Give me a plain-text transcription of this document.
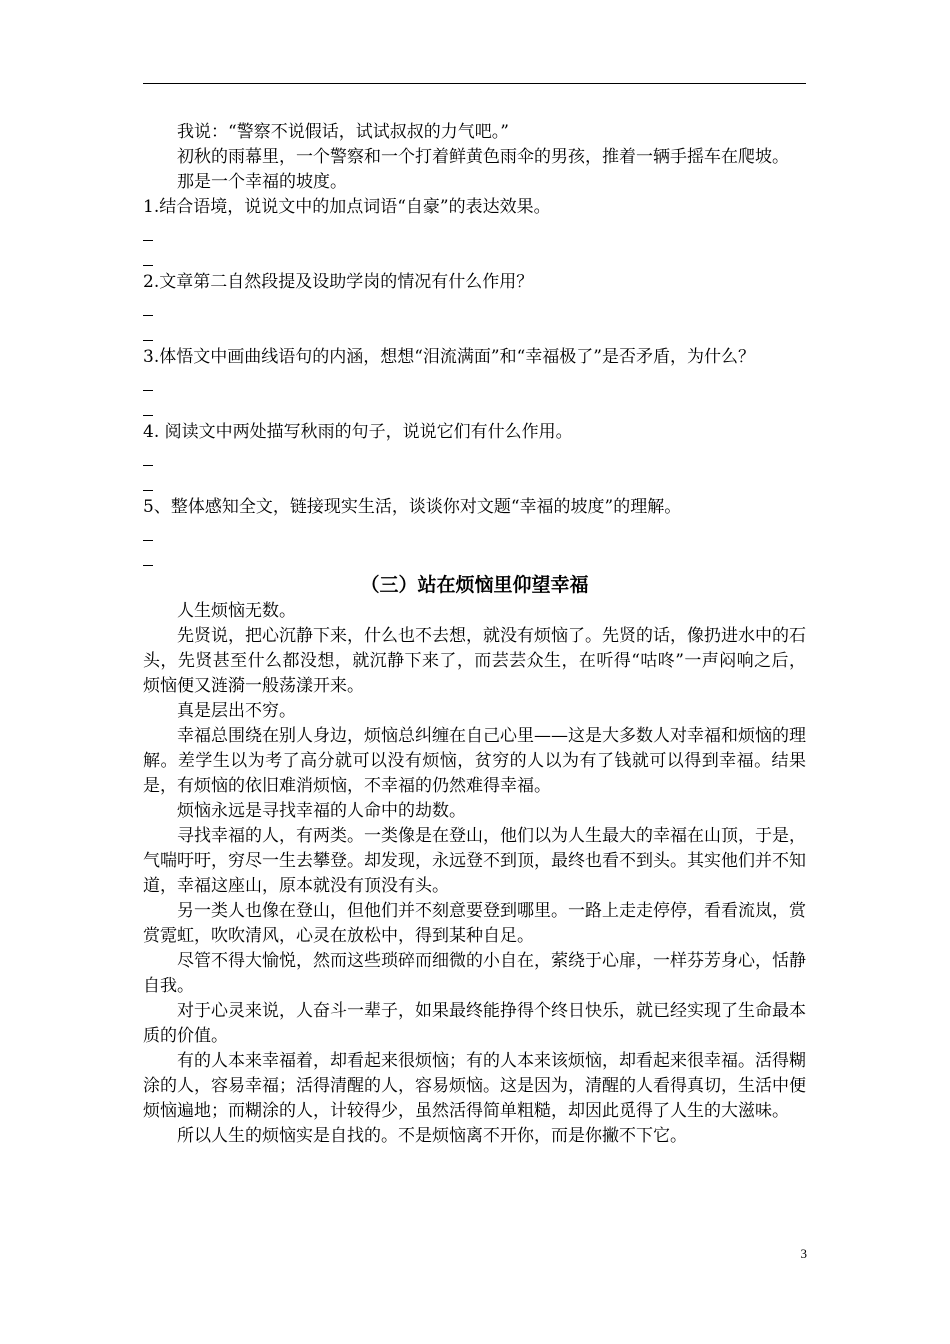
我说：“警察不说假话，试试叔叔的力气吧。”

初秋的雨幕里，一个警察和一个打着鲜黄色雨伞的男孩，推着一辆手摇车在爬坡。

那是一个幸福的坡度。

1.结合语境，说说文中的加点词语“自豪”的表达效果。

2.文章第二自然段提及设助学岗的情况有什么作用？

3.体悟文中画曲线语句的内涵，想想“泪流满面”和“幸福极了”是否矛盾，为什么？

4. 阅读文中两处描写秋雨的句子，说说它们有什么作用。

5、整体感知全文，链接现实生活，谈谈你对文题“幸福的坡度”的理解。

（三）站在烦恼里仰望幸福

人生烦恼无数。

先贤说，把心沉静下来，什么也不去想，就没有烦恼了。先贤的话，像扔进水中的石头，先贤甚至什么都没想，就沉静下来了，而芸芸众生，在听得“咕咚”一声闷响之后，烦恼便又涟漪一般荡漾开来。

真是层出不穷。

幸福总围绕在别人身边，烦恼总纠缠在自己心里——这是大多数人对幸福和烦恼的理解。差学生以为考了高分就可以没有烦恼，贫穷的人以为有了钱就可以得到幸福。结果是，有烦恼的依旧难消烦恼，不幸福的仍然难得幸福。

烦恼永远是寻找幸福的人命中的劫数。

寻找幸福的人，有两类。一类像是在登山，他们以为人生最大的幸福在山顶，于是，气喘吁吁，穷尽一生去攀登。却发现，永远登不到顶，最终也看不到头。其实他们并不知道，幸福这座山，原本就没有顶没有头。

另一类人也像在登山，但他们并不刻意要登到哪里。一路上走走停停，看看流岚，赏赏霓虹，吹吹清风，心灵在放松中，得到某种自足。

尽管不得大愉悦，然而这些琐碎而细微的小自在，萦绕于心扉，一样芬芳身心，恬静自我。

对于心灵来说，人奋斗一辈子，如果最终能挣得个终日快乐，就已经实现了生命最本质的价值。

有的人本来幸福着，却看起来很烦恼；有的人本来该烦恼，却看起来很幸福。活得糊涂的人，容易幸福；活得清醒的人，容易烦恼。这是因为，清醒的人看得真切，生活中便烦恼遍地；而糊涂的人，计较得少，虽然活得简单粗糙，却因此觅得了人生的大滋味。

所以人生的烦恼实是自找的。不是烦恼离不开你，而是你撇不下它。

3
